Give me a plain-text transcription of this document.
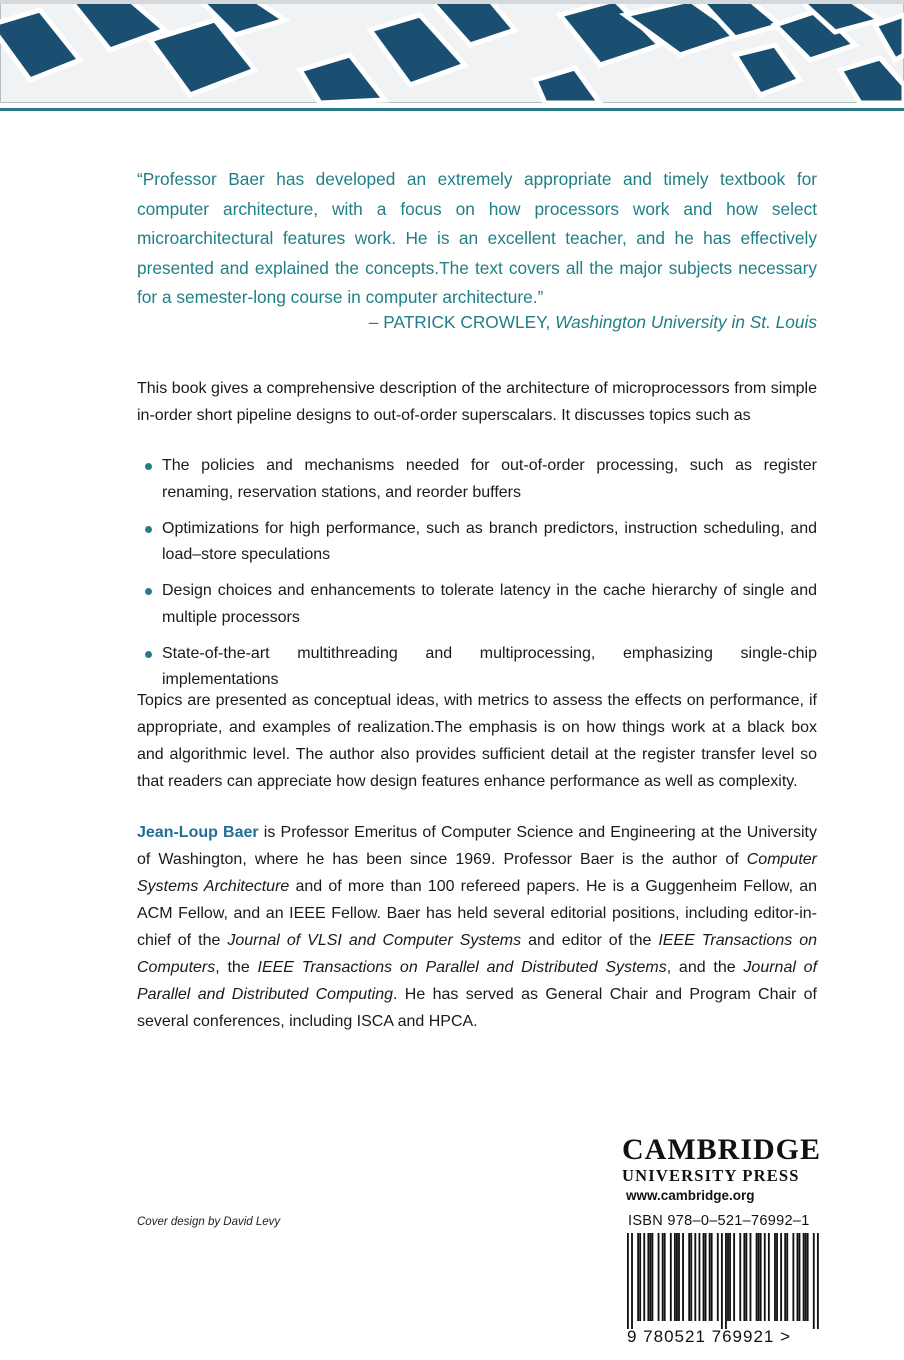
“Professor Baer has developed an extremely appropriate and timely textbook for computer architecture, with a focus on how processors work and how select microarchitectural features work. He is an excellent teacher, and he has effectively presented and explained the concepts.The text covers all the major subjects necessary for a semester-long course in computer architecture.”

– PATRICK CROWLEY, Washington University in St. Louis

This book gives a comprehensive description of the architecture of microprocessors from simple in-order short pipeline designs to out-of-order superscalars. It discusses topics such as

The policies and mechanisms needed for out-of-order processing, such as register renaming, reservation stations, and reorder buffers
Optimizations for high performance, such as branch predictors, instruction scheduling, and load–store speculations
Design choices and enhancements to tolerate latency in the cache hierarchy of single and multiple processors
State-of-the-art multithreading and multiprocessing, emphasizing single-chip implementations

Topics are presented as conceptual ideas, with metrics to assess the effects on performance, if appropriate, and examples of realization.The emphasis is on how things work at a black box and algorithmic level. The author also provides sufficient detail at the register transfer level so that readers can appreciate how design features enhance performance as well as complexity.

Jean-Loup Baer is Professor Emeritus of Computer Science and Engineering at the University of Washington, where he has been since 1969. Professor Baer is the author of Computer Systems Architecture and of more than 100 refereed papers. He is a Guggenheim Fellow, an ACM Fellow, and an IEEE Fellow. Baer has held several editorial positions, including editor-in-chief of the Journal of VLSI and Computer Systems and editor of the IEEE Transactions on Computers, the IEEE Transactions on Parallel and Distributed Systems, and the Journal of Parallel and Distributed Computing. He has served as General Chair and Program Chair of several conferences, including ISCA and HPCA.

CAMBRIDGE
UNIVERSITY PRESS
www.cambridge.org
Cover design by David Levy	ISBN 978–0–521–76992–1
9 780521 769921 >
